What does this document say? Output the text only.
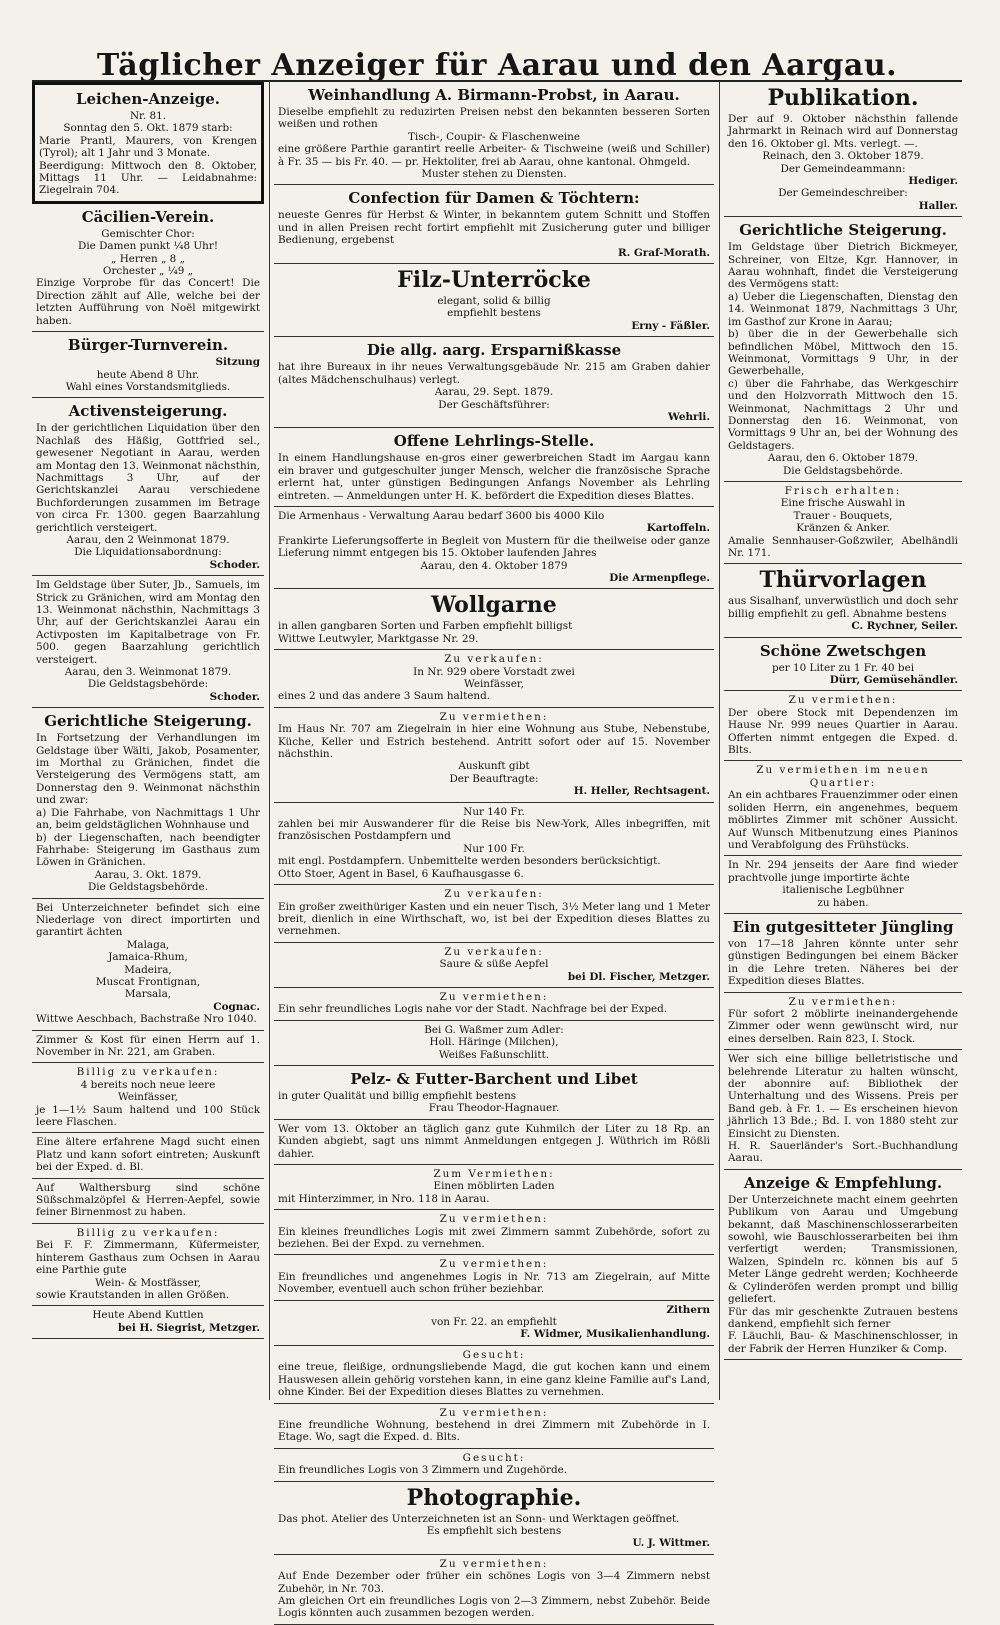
Täglicher Anzeiger für Aarau und den Aargau.
Leichen-Anzeige.

Nr. 81.

Sonntag den 5. Okt. 1879 starb:

Marie Prantl, Maurers, von Krengen (Tyrol); alt 1 Jahr und 3 Monate.

Beerdigung: Mittwoch den 8. Oktober, Mittags 11 Uhr. — Leidabnahme: Ziegelrain 704.

Cäcilien-Verein.

Gemischter Chor:

Die Damen punkt ¼8 Uhr!

„ Herren „ 8 „

Orchester „ ¼9 „

Einzige Vorprobe für das Concert! Die Direction zählt auf Alle, welche bei der letzten Aufführung von Noël mitgewirkt haben.

Bürger-Turnverein.

Sitzung

heute Abend 8 Uhr.

Wahl eines Vorstandsmitglieds.

Activensteigerung.

In der gerichtlichen Liquidation über den Nachlaß des Häßig, Gottfried sel., gewesener Negotiant in Aarau, werden am Montag den 13. Weinmonat nächsthin, Nachmittags 3 Uhr, auf der Gerichtskanzlei Aarau verschiedene Buchforderungen zusammen im Betrage von circa Fr. 1300. gegen Baarzahlung gerichtlich versteigert.

Aarau, den 2 Weinmonat 1879.

Die Liquidationsabordnung:

Schoder.

Im Geldstage über Suter, Jb., Samuels, im Strick zu Gränichen, wird am Montag den 13. Weinmonat nächsthin, Nachmittags 3 Uhr, auf der Gerichtskanzlei Aarau ein Activposten im Kapitalbetrage von Fr. 500. gegen Baarzahlung gerichtlich versteigert.

Aarau, den 3. Weinmonat 1879.

Die Geldstagsbehörde:

Schoder.

Gerichtliche Steigerung.

In Fortsetzung der Verhandlungen im Geldstage über Wälti, Jakob, Posamenter, im Morthal zu Gränichen, findet die Versteigerung des Vermögens statt, am Donnerstag den 9. Weinmonat nächsthin und zwar:

a) Die Fahrhabe, von Nachmittags 1 Uhr an, beim geldstäglichen Wohnhause und

b) der Liegenschaften, nach beendigter Fahrhabe: Steigerung im Gasthaus zum Löwen in Gränichen.

Aarau, 3. Okt. 1879.

Die Geldstagsbehörde.

Bei Unterzeichneter befindet sich eine Niederlage von direct importirten und garantirt ächten

Malaga,

Jamaica-Rhum,

Madeira,

Muscat Frontignan,

Marsala,

Cognac.

Wittwe Aeschbach, Bachstraße Nro 1040.

Zimmer & Kost für einen Herrn auf 1. November in Nr. 221, am Graben.

Billig zu verkaufen:

4 bereits noch neue leere

Weinfässer,

je 1—1½ Saum haltend und 100 Stück leere Flaschen.

Eine ältere erfahrene Magd sucht einen Platz und kann sofort eintreten; Auskunft bei der Exped. d. Bl.

Auf Walthersburg sind schöne Süßschmalzöpfel & Herren-Aepfel, sowie feiner Birnenmost zu haben.

Billig zu verkaufen:

Bei F. F. Zimmermann, Küfermeister, hinterem Gasthaus zum Ochsen in Aarau eine Parthie gute

Wein- & Mostfässer,

sowie Krautstanden in allen Größen.

Heute Abend Kuttlen

bei H. Siegrist, Metzger.

Weinhandlung A. Birmann-Probst, in Aarau.

Dieselbe empfiehlt zu reduzirten Preisen nebst den bekannten besseren Sorten weißen und rothen

Tisch-, Coupir- & Flaschenweine

eine größere Parthie garantirt reelle Arbeiter- & Tischweine (weiß und Schiller) à Fr. 35 — bis Fr. 40. — pr. Hektoliter, frei ab Aarau, ohne kantonal. Ohmgeld.

Muster stehen zu Diensten.

Confection für Damen & Töchtern:

neueste Genres für Herbst & Winter, in bekanntem gutem Schnitt und Stoffen und in allen Preisen recht fortirt empfiehlt mit Zusicherung guter und billiger Bedienung, ergebenst

R. Graf-Morath.

Filz-Unterröcke

elegant, solid & billig

empfiehlt bestens

Erny - Fäßler.

Die allg. aarg. Ersparnißkasse

hat ihre Bureaux in ihr neues Verwaltungsgebäude Nr. 215 am Graben dahier (altes Mädchenschulhaus) verlegt.

Aarau, 29. Sept. 1879.

Der Geschäftsführer:

Wehrli.

Offene Lehrlings-Stelle.

In einem Handlungshause en-gros einer gewerbreichen Stadt im Aargau kann ein braver und gutgeschulter junger Mensch, welcher die französische Sprache erlernt hat, unter günstigen Bedingungen Anfangs November als Lehrling eintreten. — Anmeldungen unter H. K. befördert die Expedition dieses Blattes.

Die Armenhaus - Verwaltung Aarau bedarf 3600 bis 4000 Kilo

Kartoffeln.

Frankirte Lieferungsofferte in Begleit von Mustern für die theilweise oder ganze Lieferung nimmt entgegen bis 15. Oktober laufenden Jahres

Aarau, den 4. Oktober 1879

Die Armenpflege.

Wollgarne

in allen gangbaren Sorten und Farben empfiehlt billigst

Wittwe Leutwyler, Marktgasse Nr. 29.

Zu verkaufen:

In Nr. 929 obere Vorstadt zwei

Weinfässer,

eines 2 und das andere 3 Saum haltend.

Zu vermiethen:

Im Haus Nr. 707 am Ziegelrain in hier eine Wohnung aus Stube, Nebenstube, Küche, Keller und Estrich bestehend. Antritt sofort oder auf 15. November nächsthin.

Auskunft gibt

Der Beauftragte:

H. Heller, Rechtsagent.

Nur 140 Fr.

zahlen bei mir Auswanderer für die Reise bis New-York, Alles inbegriffen, mit französischen Postdampfern und

Nur 100 Fr.

mit engl. Postdampfern. Unbemittelte werden besonders berücksichtigt.

Otto Stoer, Agent in Basel, 6 Kaufhausgasse 6.

Zu verkaufen:

Ein großer zweithüriger Kasten und ein neuer Tisch, 3½ Meter lang und 1 Meter breit, dienlich in eine Wirthschaft, wo, ist bei der Expedition dieses Blattes zu vernehmen.

Zu verkaufen:

Saure & süße Aepfel

bei Dl. Fischer, Metzger.

Zu vermiethen:

Ein sehr freundliches Logis nahe vor der Stadt. Nachfrage bei der Exped.

Bei G. Waßmer zum Adler:

Holl. Häringe (Milchen),

Weißes Faßunschlitt.

Pelz- & Futter-Barchent und Libet

in guter Qualität und billig empfiehlt bestens

Frau Theodor-Hagnauer.

Wer vom 13. Oktober an täglich ganz gute Kuhmilch der Liter zu 18 Rp. an Kunden abgiebt, sagt uns nimmt Anmeldungen entgegen J. Wüthrich im Rößli dahier.

Zum Vermiethen:

Einen möblirten Laden

mit Hinterzimmer, in Nro. 118 in Aarau.

Zu vermiethen:

Ein kleines freundliches Logis mit zwei Zimmern sammt Zubehörde, sofort zu beziehen. Bei der Expd. zu vernehmen.

Zu vermiethen:

Ein freundliches und angenehmes Logis in Nr. 713 am Ziegelrain, auf Mitte November, eventuell auch schon früher beziehbar.

Zithern

von Fr. 22. an empfiehlt

F. Widmer, Musikalienhandlung.

Gesucht:

eine treue, fleißige, ordnungsliebende Magd, die gut kochen kann und einem Hauswesen allein gehörig vorstehen kann, in eine ganz kleine Familie auf's Land, ohne Kinder. Bei der Expedition dieses Blattes zu vernehmen.

Zu vermiethen:

Eine freundliche Wohnung, bestehend in drei Zimmern mit Zubehörde in I. Etage. Wo, sagt die Exped. d. Blts.

Gesucht:

Ein freundliches Logis von 3 Zimmern und Zugehörde.

Photographie.

Das phot. Atelier des Unterzeichneten ist an Sonn- und Werktagen geöffnet.

Es empfiehlt sich bestens

U. J. Wittmer.

Zu vermiethen:

Auf Ende Dezember oder früher ein schönes Logis von 3—4 Zimmern nebst Zubehör, in Nr. 703.

Am gleichen Ort ein freundliches Logis von 2—3 Zimmern, nebst Zubehör. Beide Logis könnten auch zusammen bezogen werden.

Publikation.

Der auf 9. Oktober nächsthin fallende Jahrmarkt in Reinach wird auf Donnerstag den 16. Oktober gl. Mts. verlegt. —.

Reinach, den 3. Oktober 1879.

Der Gemeindeammann:

Hediger.

Der Gemeindeschreiber:

Haller.

Gerichtliche Steigerung.

Im Geldstage über Dietrich Bickmeyer, Schreiner, von Eltze, Kgr. Hannover, in Aarau wohnhaft, findet die Versteigerung des Vermögens statt:

a) Ueber die Liegenschaften, Dienstag den 14. Weinmonat 1879, Nachmittags 3 Uhr, im Gasthof zur Krone in Aarau;

b) über die in der Gewerbehalle sich befindlichen Möbel, Mittwoch den 15. Weinmonat, Vormittags 9 Uhr, in der Gewerbehalle,

c) über die Fahrhabe, das Werkgeschirr und den Holzvorrath Mittwoch den 15. Weinmonat, Nachmittags 2 Uhr und Donnerstag den 16. Weinmonat, von Vormittags 9 Uhr an, bei der Wohnung des Geldstagers.

Aarau, den 6. Oktober 1879.

Die Geldstagsbehörde.

Frisch erhalten:

Eine frische Auswahl in

Trauer - Bouquets,

Kränzen & Anker.

Amalie Sennhauser-Goßzwiler, Abelhändli Nr. 171.

Thürvorlagen

aus Sisalhanf, unverwüstlich und doch sehr billig empfiehlt zu gefl. Abnahme bestens

C. Rychner, Seiler.

Schöne Zwetschgen

per 10 Liter zu 1 Fr. 40 bei

Dürr, Gemüsehändler.

Zu vermiethen:

Der obere Stock mit Dependenzen im Hause Nr. 999 neues Quartier in Aarau. Offerten nimmt entgegen die Exped. d. Blts.

Zu vermiethen im neuen Quartier:

An ein achtbares Frauenzimmer oder einen soliden Herrn, ein angenehmes, bequem möblirtes Zimmer mit schöner Aussicht. Auf Wunsch Mitbenutzung eines Pianinos und Verabfolgung des Frühstücks.

In Nr. 294 jenseits der Aare find wieder prachtvolle junge importirte ächte

italienische Legbühner

zu haben.

Ein gutgesitteter Jüngling

von 17—18 Jahren könnte unter sehr günstigen Bedingungen bei einem Bäcker in die Lehre treten. Näheres bei der Expedition dieses Blattes.

Zu vermiethen:

Für sofort 2 möblirte ineinandergehende Zimmer oder wenn gewünscht wird, nur eines derselben. Rain 823, I. Stock.

Wer sich eine billige belletristische und belehrende Literatur zu halten wünscht, der abonnire auf: Bibliothek der Unterhaltung und des Wissens. Preis per Band geb. à Fr. 1. — Es erscheinen hievon jährlich 13 Bde.; Bd. I. von 1880 steht zur Einsicht zu Diensten.

H. R. Sauerländer's Sort.-Buchhandlung Aarau.

Anzeige & Empfehlung.

Der Unterzeichnete macht einem geehrten Publikum von Aarau und Umgebung bekannt, daß Maschinenschlosserarbeiten sowohl, wie Bauschlosserarbeiten bei ihm verfertigt werden; Transmissionen, Walzen, Spindeln rc. können bis auf 5 Meter Länge gedreht werden; Kochheerde & Cylinderöfen werden prompt und billig geliefert.

Für das mir geschenkte Zutrauen bestens dankend, empfiehlt sich ferner

F. Läuchli, Bau- & Maschinenschlosser, in der Fabrik der Herren Hunziker & Comp.
